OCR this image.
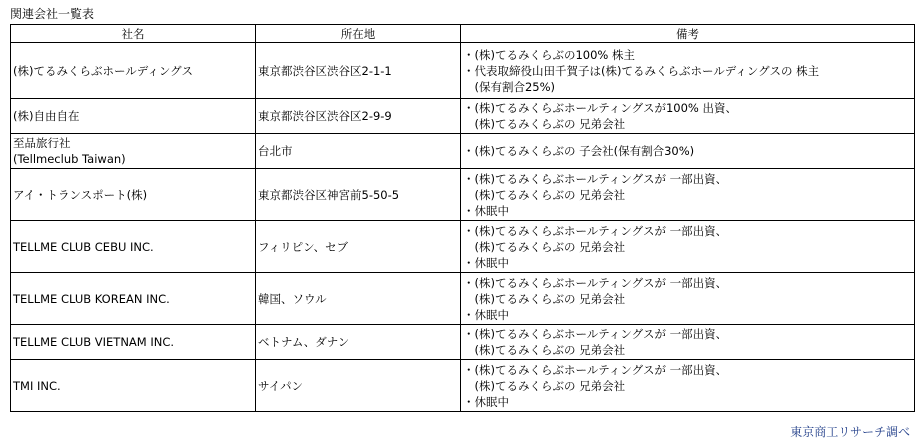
関連会社一覧表
社名	所在地	備考

(株)てるみくらぶホールディングス	東京都渋谷区渋谷区2-1-1	・(株)てるみくらぶの100% 株主
・代表取締役山田千賀子は(株)てるみくらぶホールディングスの 株主
　(保有割合25%)

(株)自由自在	東京都渋谷区渋谷区2-9-9	・(株)てるみくらぶホールティングスが100% 出資、
　(株)てるみくらぶの 兄弟会社

至品旅行社
(Tellmeclub Taiwan)	台北市	・(株)てるみくらぶの 子会社(保有割合30%)

アイ・トランスポート(株)	東京都渋谷区神宮前5-50-5	・(株)てるみくらぶホールティングスが 一部出資、
　(株)てるみくらぶの 兄弟会社
・休眠中

TELLME CLUB CEBU INC.	フィリピン、セブ	・(株)てるみくらぶホールティングスが 一部出資、
　(株)てるみくらぶの 兄弟会社
・休眠中

TELLME CLUB KOREAN INC.	韓国、ソウル	・(株)てるみくらぶホールティングスが 一部出資、
　(株)てるみくらぶの 兄弟会社
・休眠中

TELLME CLUB VIETNAM INC.	ベトナム、ダナン	・(株)てるみくらぶホールティングスが 一部出資、
　(株)てるみくらぶの 兄弟会社

TMI INC.	サイパン	・(株)てるみくらぶホールティングスが 一部出資、
　(株)てるみくらぶの 兄弟会社
・休眠中
東京商工リサーチ調べ
